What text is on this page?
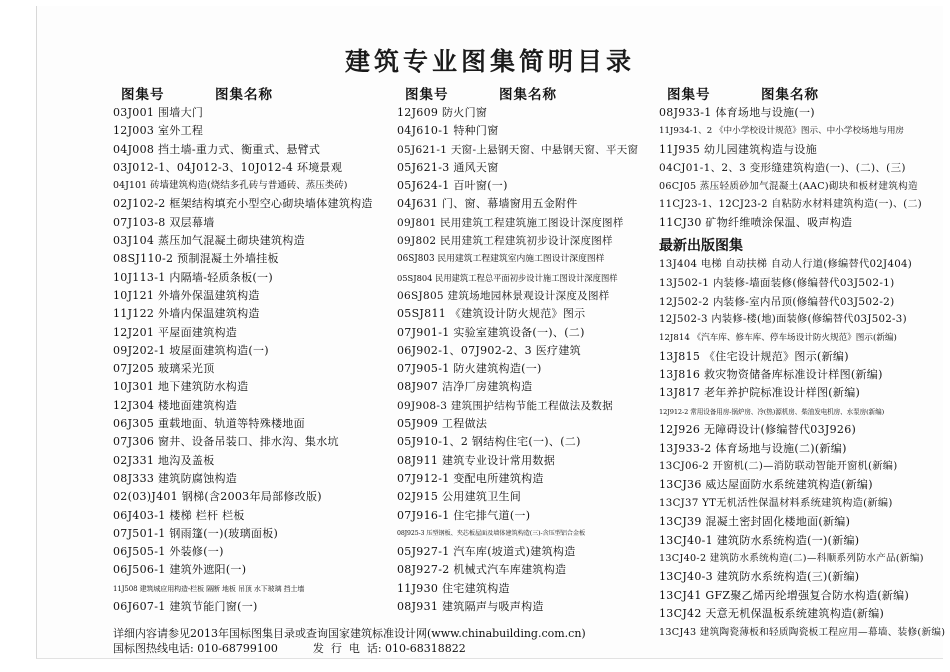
建筑专业图集简明目录
图集号	图集名称
03J001 围墙大门
12J003 室外工程
04J008 挡土墙-重力式、衡重式、悬臂式
03J012-1、04J012-3、10J012-4 环境景观
04J101 砖墙建筑构造(烧结多孔砖与普通砖、蒸压类砖)
02J102-2 框架结构填充小型空心砌块墙体建筑构造
07J103-8 双层幕墙
03J104 蒸压加气混凝土砌块建筑构造
08SJ110-2 预制混凝土外墙挂板
10J113-1 内隔墙-轻质条板(一)
10J121 外墙外保温建筑构造
11J122 外墙内保温建筑构造
12J201 平屋面建筑构造
09J202-1 坡屋面建筑构造(一)
07J205 玻璃采光顶
10J301 地下建筑防水构造
12J304 楼地面建筑构造
06J305 重载地面、轨道等特殊楼地面
07J306 窗井、设备吊装口、排水沟、集水坑
02J331 地沟及盖板
08J333 建筑防腐蚀构造
02(03)J401 钢梯(含2003年局部修改版)
06J403-1 楼梯 栏杆 栏板
07J501-1 钢雨篷(一)(玻璃面板)
06J505-1 外装修(一)
06J506-1 建筑外遮阳(一)
11J508 建筑城应用构造-栏板 隔断 地板 吊顶 水下玻璃 挡土墙
06J607-1 建筑节能门窗(一)
图集号	图集名称
12J609 防火门窗
04J610-1 特种门窗
05J621-1 天窗-上悬钢天窗、中悬钢天窗、平天窗
05J621-3 通风天窗
05J624-1 百叶窗(一)
04J631 门、窗、幕墙窗用五金附件
09J801 民用建筑工程建筑施工图设计深度图样
09J802 民用建筑工程建筑初步设计深度图样
06SJ803 民用建筑工程建筑室内施工图设计深度图样
05SJ804 民用建筑工程总平面初步设计施工图设计深度图样
06SJ805 建筑场地园林景观设计深度及图样
05SJ811 《建筑设计防火规范》图示
07J901-1 实验室建筑设备(一)、(二)
06J902-1、07J902-2、3 医疗建筑
07J905-1 防火建筑构造(一)
08J907 洁净厂房建筑构造
09J908-3 建筑围护结构节能工程做法及数据
05J909 工程做法
05J910-1、2 钢结构住宅(一)、(二)
08J911 建筑专业设计常用数据
07J912-1 变配电所建筑构造
02J915 公用建筑卫生间
07J916-1 住宅排气道(一)
08J925-3 压型钢板、夹芯板屋面及墙体建筑构造(三)-含压型铝合金板
05J927-1 汽车库(坡道式)建筑构造
08J927-2 机械式汽车库建筑构造
11J930 住宅建筑构造
08J931 建筑隔声与吸声构造
图集号	图集名称
08J933-1 体育场地与设施(一)
11J934-1、2 《中小学校设计规范》图示、中小学校场地与用房
11J935 幼儿园建筑构造与设施
04CJ01-1、2、3 变形缝建筑构造(一)、(二)、(三)
06CJ05 蒸压轻质砂加气混凝土(AAC)砌块和板材建筑构造
11CJ23-1、12CJ23-2 自粘防水材料建筑构造(一)、(二)
11CJ30 矿物纤维喷涂保温、吸声构造
最新出版图集
13J404 电梯 自动扶梯 自动人行道(修编替代02J404)
13J502-1 内装修-墙面装修(修编替代03J502-1)
12J502-2 内装修-室内吊顶(修编替代03J502-2)
12J502-3 内装修-楼(地)面装修(修编替代03J502-3)
12J814 《汽车库、修车库、停车场设计防火规范》图示(新编)
13J815 《住宅设计规范》图示(新编)
13J816 救灾物资储备库标准设计样图(新编)
13J817 老年养护院标准设计样图(新编)
12J912-2 常用设备用房-锅炉房、冷(热)源机房、柴油发电机房、水泵房(新编)
12J926 无障碍设计(修编替代03J926)
13J933-2 体育场地与设施(二)(新编)
13CJ06-2 开窗机(二)—消防联动智能开窗机(新编)
13CJ36 威达屋面防水系统建筑构造(新编)
13CJ37 YT无机活性保温材料系统建筑构造(新编)
13CJ39 混凝土密封固化楼地面(新编)
13CJ40-1 建筑防水系统构造(一)(新编)
13CJ40-2 建筑防水系统构造(二)—科顺系列防水产品(新编)
13CJ40-3 建筑防水系统构造(三)(新编)
13CJ41 GFZ聚乙烯丙纶增强复合防水构造(新编)
13CJ42 天意无机保温板系统建筑构造(新编)
13CJ43 建筑陶瓷薄板和轻质陶瓷板工程应用—幕墙、装修(新编)
详细内容请参见2013年国标图集目录或查询国家建筑标准设计网(www.chinabuilding.com.cn)
国标图热线电话: 010-68799100          发  行  电  话: 010-68318822
